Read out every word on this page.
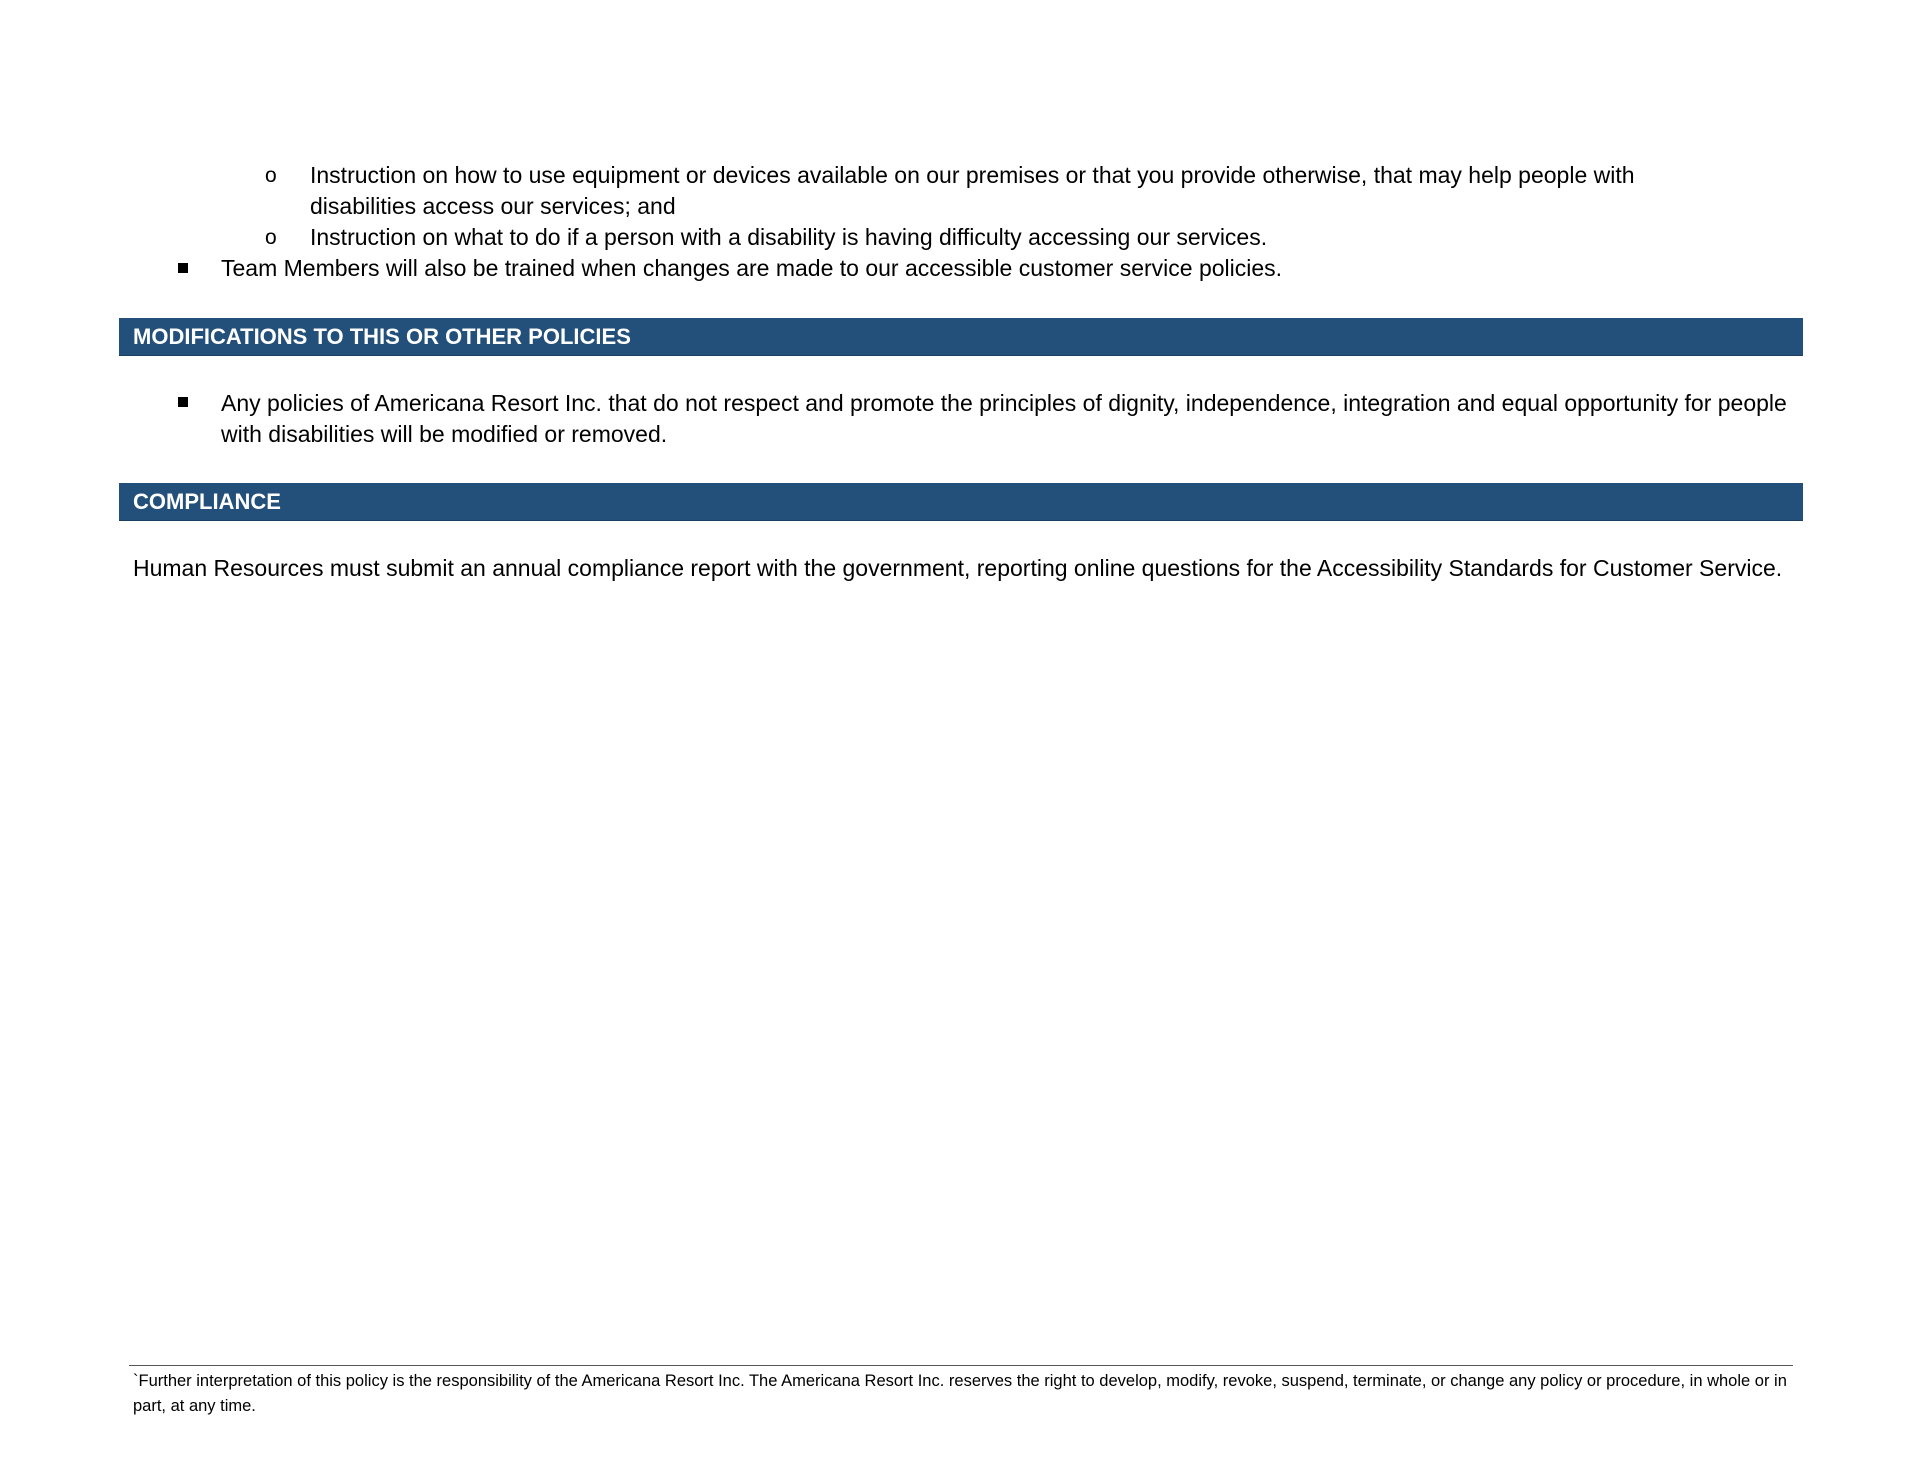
o Instruction on how to use equipment or devices available on our premises or that you provide otherwise, that may help people with disabilities access our services; and
o Instruction on what to do if a person with a disability is having difficulty accessing our services.
Team Members will also be trained when changes are made to our accessible customer service policies.
MODIFICATIONS TO THIS OR OTHER POLICIES
Any policies of Americana Resort Inc. that do not respect and promote the principles of dignity, independence, integration and equal opportunity for people with disabilities will be modified or removed.
COMPLIANCE
Human Resources must submit an annual compliance report with the government, reporting online questions for the Accessibility Standards for Customer Service.
`Further interpretation of this policy is the responsibility of the Americana Resort Inc. The Americana Resort Inc. reserves the right to develop, modify, revoke, suspend, terminate, or change any policy or procedure, in whole or in part, at any time.
